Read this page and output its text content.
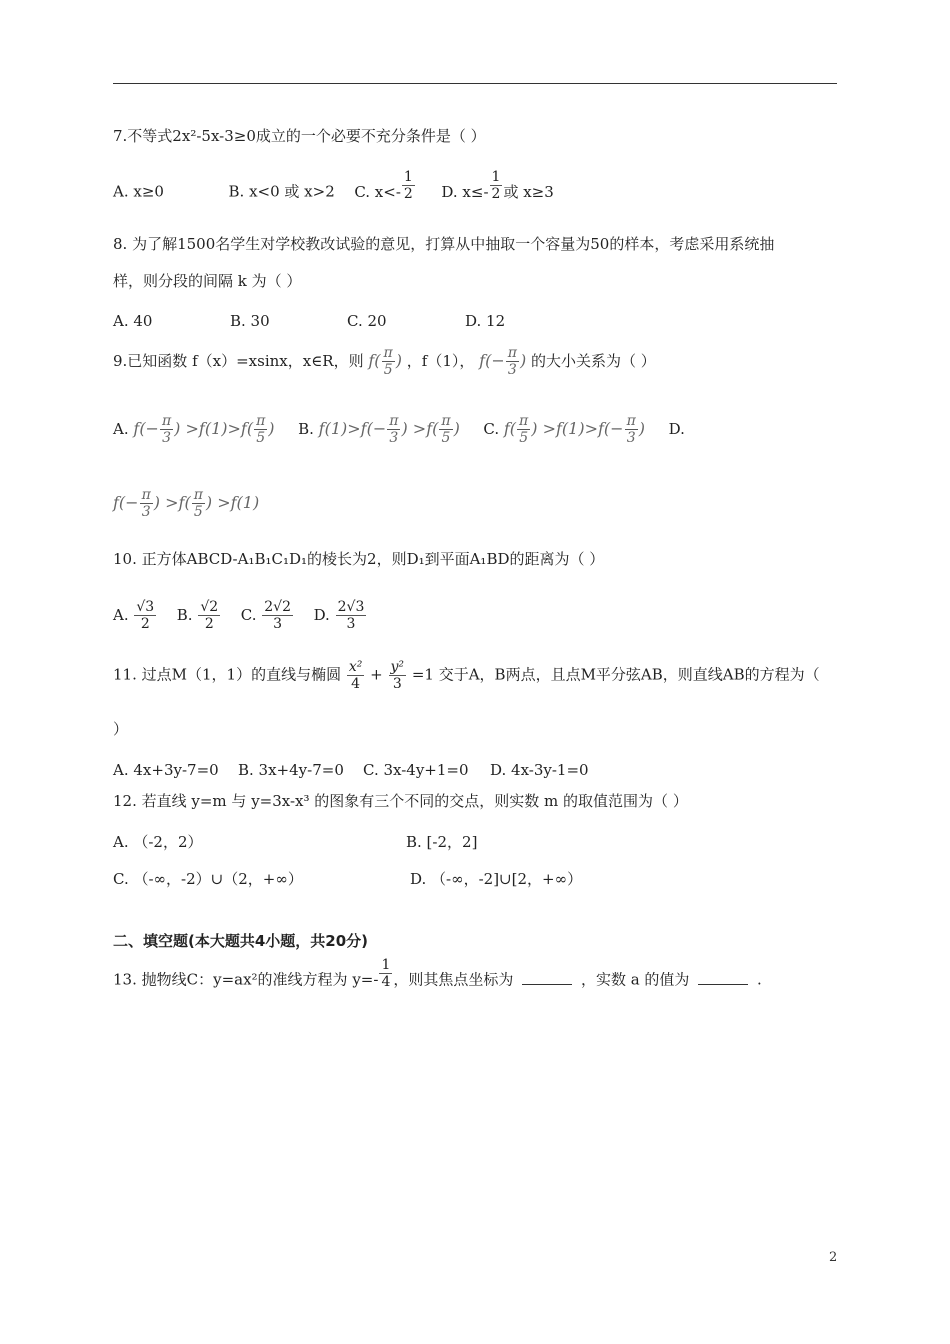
7.不等式2x²-5x-3≥0成立的一个必要不充分条件是（ ）
A. x≥0	B. x<0 或 x>2 C. $x<- \frac{1}{2} D$. $x\le- \frac{1}{2}$ 或 x≥3
8. 为了解1500名学生对学校教改试验的意见，打算从中抽取一个容量为50的样本，考虑采用系统抽
样，则分段的间隔 k 为（ ）
A. 40	B. 30	C. 20	D. 12
9.已知函数 f（x）=xsinx，x∈R，则 $f( \frac{\pi}{5}$ ) ，f（1）， $f(- \frac{\pi}{3}$ ) 的大小关系为（ ）
A. $f(- \frac{\pi}{3}$ ) $>f(1)>f( \frac{\pi}{5}$ ) B. $f(1)>f(- \frac{\pi}{3}$ ) $>f( \frac{\pi}{5}$ ) C. $f( \frac{\pi}{5}$ ) $>f(1)>f(- \frac{\pi}{3}$ ) D.
$f(- \frac{\pi}{3}$ ) $>f( \frac{\pi}{5}$ ) >f(1)
10. 正方体ABCD-A₁B₁C₁D₁的棱长为2，则D₁到平面A₁BD的距离为（ ）
A. $\frac{√3}{2} B$. $\frac{√2}{2} C$. $\frac{2√2}{3} D$. $\frac{2√3}{3}$
11. 过点M（1，1）的直线与椭圆 $\frac{\text{x²}}{4} + \frac{\text{y²}}{3} =1$ 交于A，B两点，且点M平分弦AB，则直线AB的方程为（
）
A. 4x+3y-7=0 B. 3x+4y-7=0 C. 3x-4y+1=0 D. 4x-3y-1=0
12. 若直线 y=m 与 y=3x-x³ 的图象有三个不同的交点，则实数 m 的取值范围为（ ）
A. （-2，2）	B. [-2，2]
C. （-∞，-2）∪（2，+∞）	D. （-∞，-2]∪[2，+∞）
二、填空题(本大题共4小题，共20分)
13. 抛物线C：y=ax²的准线方程为 $y=- \frac{1}{4}$ ，则其焦点坐标为	，实数 a 的值为	.
2
